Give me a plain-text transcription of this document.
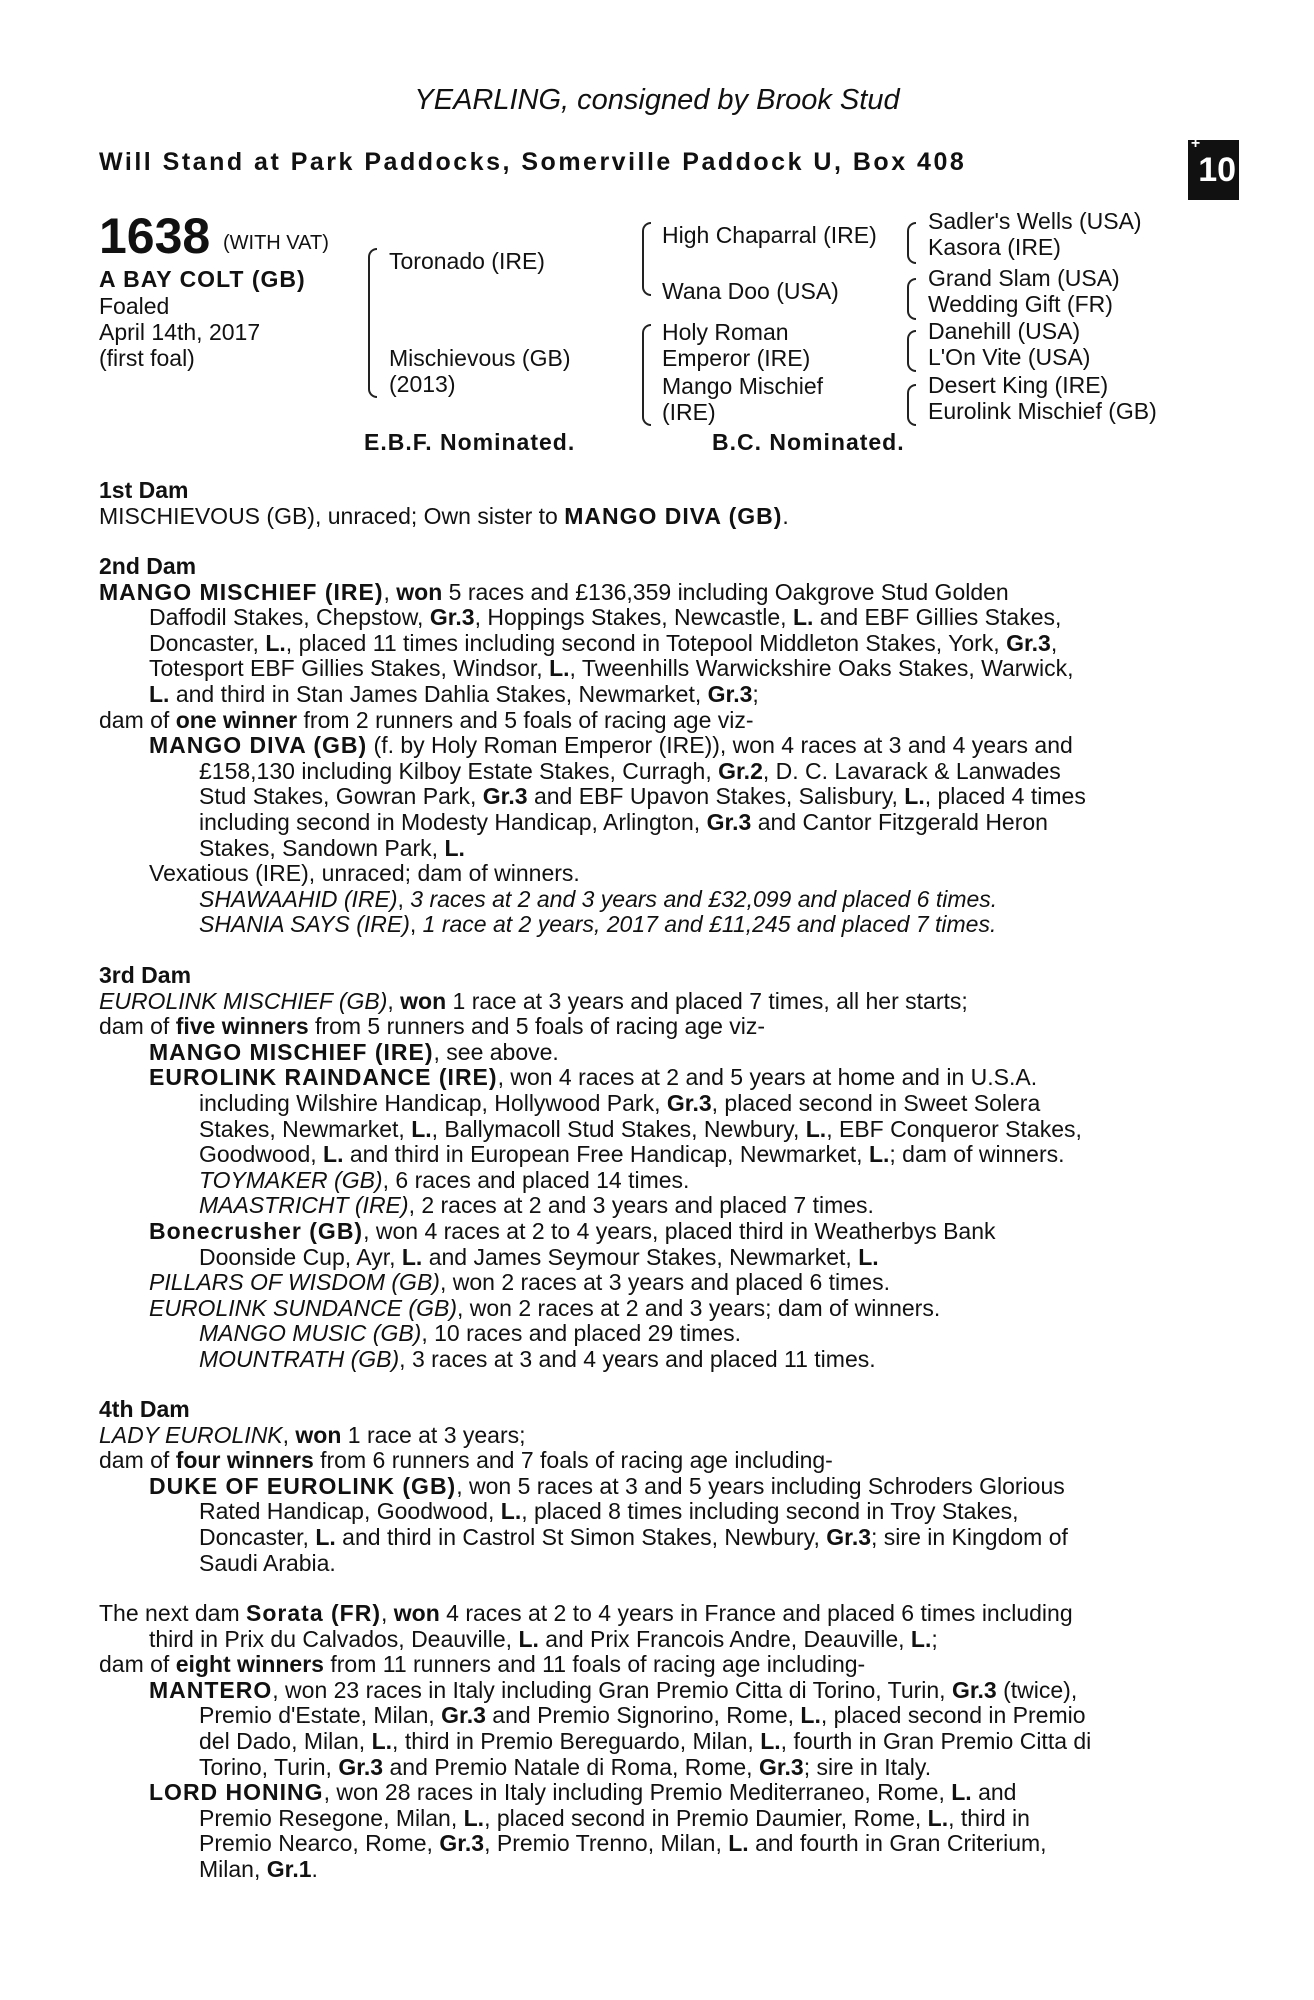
YEARLING, consigned by Brook Stud
Will Stand at Park Paddocks, Somerville Paddock U, Box 408
+10
1638 (WITH VAT)
A BAY COLT (GB)
Foaled
April 14th, 2017
(first foal)
Toronado (IRE)
Mischievous (GB)
(2013)
High Chaparral (IRE)
Wana Doo (USA)
Holy Roman
Emperor (IRE)
Mango Mischief
(IRE)
Sadler's Wells (USA)
Kasora (IRE)
Grand Slam (USA)
Wedding Gift (FR)
Danehill (USA)
L'On Vite (USA)
Desert King (IRE)
Eurolink Mischief (GB)
E.B.F. Nominated.	B.C. Nominated.

1st Dam

MISCHIEVOUS (GB), unraced; Own sister to MANGO DIVA (GB).

2nd Dam

MANGO MISCHIEF (IRE), won 5 races and £136,359 including Oakgrove Stud Golden

Daffodil Stakes, Chepstow, Gr.3, Hoppings Stakes, Newcastle, L. and EBF Gillies Stakes,

Doncaster, L., placed 11 times including second in Totepool Middleton Stakes, York, Gr.3,

Totesport EBF Gillies Stakes, Windsor, L., Tweenhills Warwickshire Oaks Stakes, Warwick,

L. and third in Stan James Dahlia Stakes, Newmarket, Gr.3;

dam of one winner from 2 runners and 5 foals of racing age viz-

MANGO DIVA (GB) (f. by Holy Roman Emperor (IRE)), won 4 races at 3 and 4 years and

£158,130 including Kilboy Estate Stakes, Curragh, Gr.2, D. C. Lavarack & Lanwades

Stud Stakes, Gowran Park, Gr.3 and EBF Upavon Stakes, Salisbury, L., placed 4 times

including second in Modesty Handicap, Arlington, Gr.3 and Cantor Fitzgerald Heron

Stakes, Sandown Park, L.

Vexatious (IRE), unraced; dam of winners.

SHAWAAHID (IRE), 3 races at 2 and 3 years and £32,099 and placed 6 times.

SHANIA SAYS (IRE), 1 race at 2 years, 2017 and £11,245 and placed 7 times.

3rd Dam

EUROLINK MISCHIEF (GB), won 1 race at 3 years and placed 7 times, all her starts;

dam of five winners from 5 runners and 5 foals of racing age viz-

MANGO MISCHIEF (IRE), see above.

EUROLINK RAINDANCE (IRE), won 4 races at 2 and 5 years at home and in U.S.A.

including Wilshire Handicap, Hollywood Park, Gr.3, placed second in Sweet Solera

Stakes, Newmarket, L., Ballymacoll Stud Stakes, Newbury, L., EBF Conqueror Stakes,

Goodwood, L. and third in European Free Handicap, Newmarket, L.; dam of winners.

TOYMAKER (GB), 6 races and placed 14 times.

MAASTRICHT (IRE), 2 races at 2 and 3 years and placed 7 times.

Bonecrusher (GB), won 4 races at 2 to 4 years, placed third in Weatherbys Bank

Doonside Cup, Ayr, L. and James Seymour Stakes, Newmarket, L.

PILLARS OF WISDOM (GB), won 2 races at 3 years and placed 6 times.

EUROLINK SUNDANCE (GB), won 2 races at 2 and 3 years; dam of winners.

MANGO MUSIC (GB), 10 races and placed 29 times.

MOUNTRATH (GB), 3 races at 3 and 4 years and placed 11 times.

4th Dam

LADY EUROLINK, won 1 race at 3 years;

dam of four winners from 6 runners and 7 foals of racing age including-

DUKE OF EUROLINK (GB), won 5 races at 3 and 5 years including Schroders Glorious

Rated Handicap, Goodwood, L., placed 8 times including second in Troy Stakes,

Doncaster, L. and third in Castrol St Simon Stakes, Newbury, Gr.3; sire in Kingdom of

Saudi Arabia.

The next dam Sorata (FR), won 4 races at 2 to 4 years in France and placed 6 times including

third in Prix du Calvados, Deauville, L. and Prix Francois Andre, Deauville, L.;

dam of eight winners from 11 runners and 11 foals of racing age including-

MANTERO, won 23 races in Italy including Gran Premio Citta di Torino, Turin, Gr.3 (twice),

Premio d'Estate, Milan, Gr.3 and Premio Signorino, Rome, L., placed second in Premio

del Dado, Milan, L., third in Premio Bereguardo, Milan, L., fourth in Gran Premio Citta di

Torino, Turin, Gr.3 and Premio Natale di Roma, Rome, Gr.3; sire in Italy.

LORD HONING, won 28 races in Italy including Premio Mediterraneo, Rome, L. and

Premio Resegone, Milan, L., placed second in Premio Daumier, Rome, L., third in

Premio Nearco, Rome, Gr.3, Premio Trenno, Milan, L. and fourth in Gran Criterium,

Milan, Gr.1.
